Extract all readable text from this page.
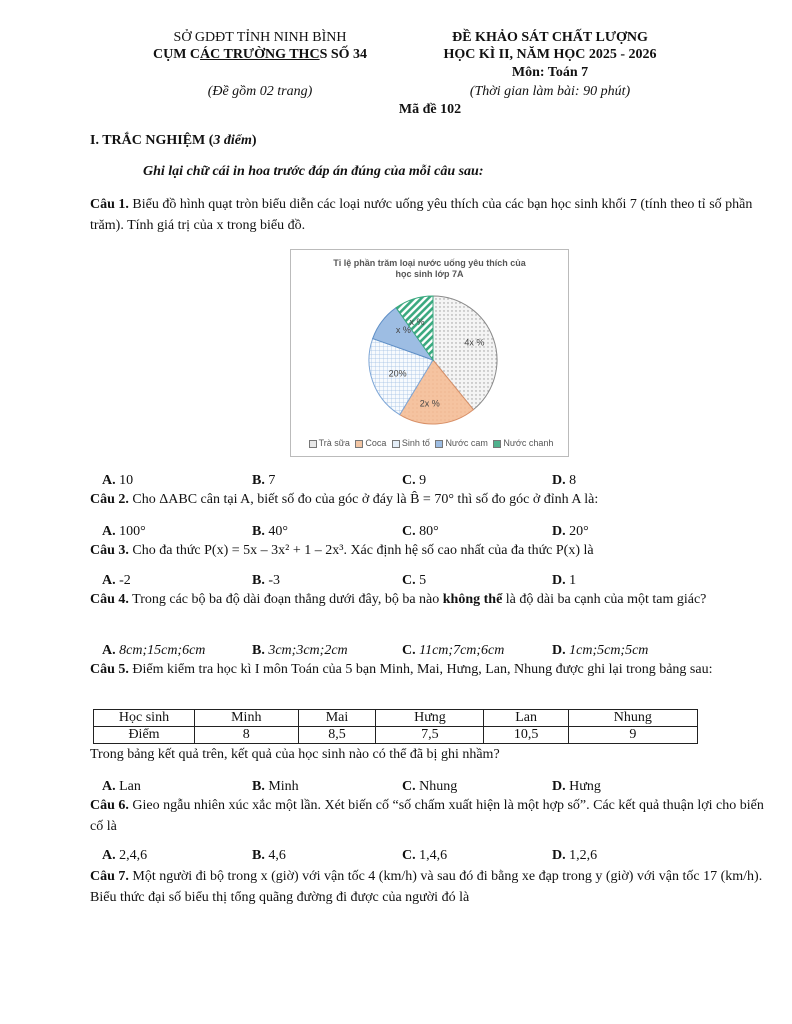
SỞ GDĐT TỈNH NINH BÌNH
CỤM CÁC TRƯỜNG THCS SỐ 34
(Đề gồm 02 trang)
ĐỀ KHẢO SÁT CHẤT LƯỢNG
HỌC KÌ II, NĂM HỌC 2025 - 2026
Môn: Toán 7
(Thời gian làm bài: 90 phút)
Mã đề 102
I. TRẮC NGHIỆM (3 điểm)
Ghi lại chữ cái in hoa trước đáp án đúng của mỗi câu sau:
Câu 1. Biểu đồ hình quạt tròn biểu diễn các loại nước uống yêu thích của các bạn học sinh khối 7 (tính theo tỉ số phần trăm). Tính giá trị của x trong biểu đồ.
Tỉ lệ phần trăm loại nước uống yêu thích của
học sinh lớp 7A
4x %
2x %
20%
x %
x %
Trà sữa Coca Sinh tố Nước cam Nước chanh
A. 10	B. 7	C. 9	D. 8
Câu 2. Cho ΔABC cân tại A, biết số đo của góc ở đáy là B̂ = 70° thì số đo góc ở đỉnh A là:
A. 100°	B. 40°	C. 80°	D. 20°
Câu 3. Cho đa thức P(x) = 5x – 3x² + 1 – 2x³. Xác định hệ số cao nhất của đa thức P(x) là
A. -2	B. -3	C. 5	D. 1
Câu 4. Trong các bộ ba độ dài đoạn thẳng dưới đây, bộ ba nào không thể là độ dài ba cạnh của một tam giác?
A. 8cm;15cm;6cm	B. 3cm;3cm;2cm	C. 11cm;7cm;6cm	D. 1cm;5cm;5cm
Câu 5. Điểm kiểm tra học kì I môn Toán của 5 bạn Minh, Mai, Hưng, Lan, Nhung được ghi lại trong bảng sau:
Học sinh	Minh	Mai	Hưng	Lan	Nhung
Điểm	8	8,5	7,5	10,5	9
Trong bảng kết quả trên, kết quả của học sinh nào có thể đã bị ghi nhầm?
A. Lan	B. Minh	C. Nhung	D. Hưng
Câu 6. Gieo ngẫu nhiên xúc xắc một lần. Xét biến cố “số chấm xuất hiện là một hợp số”. Các kết quả thuận lợi cho biến cố là
A. 2,4,6	B. 4,6	C. 1,4,6	D. 1,2,6
Câu 7. Một người đi bộ trong x (giờ) với vận tốc 4 (km/h) và sau đó đi bằng xe đạp trong y (giờ) với vận tốc 17 (km/h). Biểu thức đại số biểu thị tổng quãng đường đi được của người đó là
